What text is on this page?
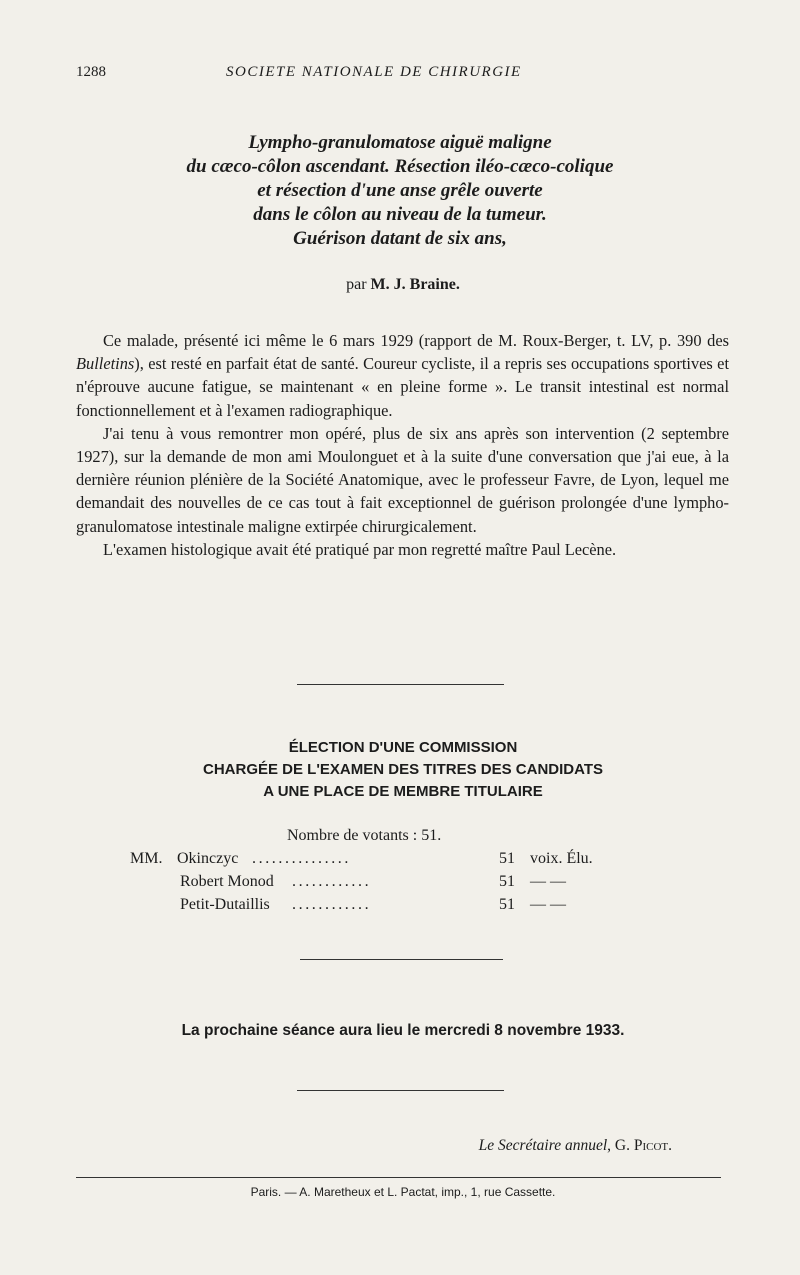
1288	SOCIETE NATIONALE DE CHIRURGIE
Lympho-granulomatose aiguë maligne
du cæco-côlon ascendant. Résection iléo-cæco-colique
et résection d'une anse grêle ouverte
dans le côlon au niveau de la tumeur.
Guérison datant de six ans,
par M. J. Braine.

Ce malade, présenté ici même le 6 mars 1929 (rapport de M. Roux-Berger, t. LV, p. 390 des Bulletins), est resté en parfait état de santé. Coureur cycliste, il a repris ses occupations sportives et n'éprouve aucune fatigue, se maintenant « en pleine forme ». Le transit intestinal est normal fonctionnellement et à l'examen radiographique.

J'ai tenu à vous remontrer mon opéré, plus de six ans après son intervention (2 septembre 1927), sur la demande de mon ami Moulonguet et à la suite d'une conversation que j'ai eue, à la dernière réunion plénière de la Société Anatomique, avec le professeur Favre, de Lyon, lequel me demandait des nouvelles de ce cas tout à fait exceptionnel de guérison prolongée d'une lympho-granulomatose intestinale maligne extirpée chirurgicalement.

L'examen histologique avait été pratiqué par mon regretté maître Paul Lecène.

ÉLECTION D'UNE COMMISSION
CHARGÉE DE L'EXAMEN DES TITRES DES CANDIDATS
A UNE PLACE DE MEMBRE TITULAIRE
Nombre de votants : 51.
MM. Okinczyc ...............	51 voix. Élu.
Robert Monod ............	51 — —
Petit-Dutaillis ............	51 — —
La prochaine séance aura lieu le mercredi 8 novembre 1933.
Le Secrétaire annuel, G. Picot.
Paris. — A. Maretheux et L. Pactat, imp., 1, rue Cassette.
